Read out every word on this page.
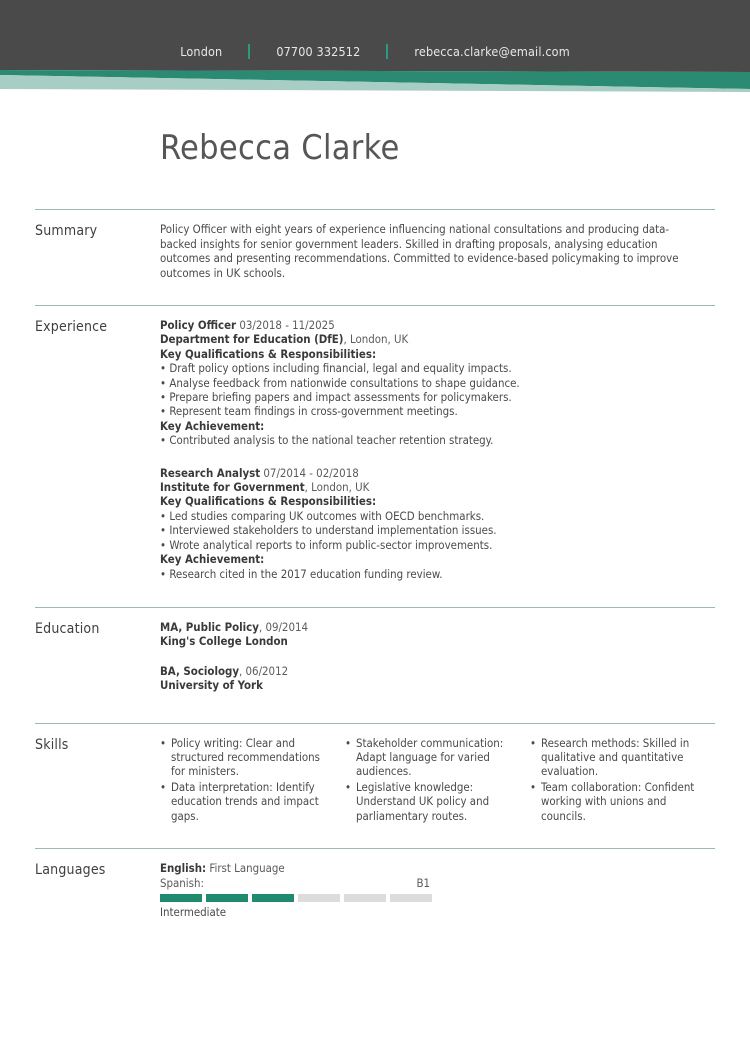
London	07700 332512	rebecca.clarke@email.com
Rebecca Clarke
Summary	Policy Officer with eight years of experience influencing national consultations and producing data-backed insights for senior government leaders. Skilled in drafting proposals, analysing education outcomes and presenting recommendations. Committed to evidence-based policymaking to improve outcomes in UK schools.
Experience	Policy Officer 03/2018 - 11/2025
Department for Education (DfE), London, UK
Key Qualifications & Responsibilities:
• Draft policy options including financial, legal and equality impacts.
• Analyse feedback from nationwide consultations to shape guidance.
• Prepare briefing papers and impact assessments for policymakers.
• Represent team findings in cross-government meetings.
Key Achievement:
• Contributed analysis to the national teacher retention strategy.
Research Analyst 07/2014 - 02/2018
Institute for Government, London, UK
Key Qualifications & Responsibilities:
• Led studies comparing UK outcomes with OECD benchmarks.
• Interviewed stakeholders to understand implementation issues.
• Wrote analytical reports to inform public-sector improvements.
Key Achievement:
• Research cited in the 2017 education funding review.
Education	MA, Public Policy, 09/2014
King's College London
BA, Sociology, 06/2012
University of York
Skills	• Policy writing: Clear and structured recommendations for ministers.
• Data interpretation: Identify education trends and impact gaps.
• Stakeholder communication: Adapt language for varied audiences.
• Legislative knowledge: Understand UK policy and parliamentary routes.
• Research methods: Skilled in qualitative and quantitative evaluation.
• Team collaboration: Confident working with unions and councils.
Languages	English: First Language
Spanish:	B1
Intermediate
